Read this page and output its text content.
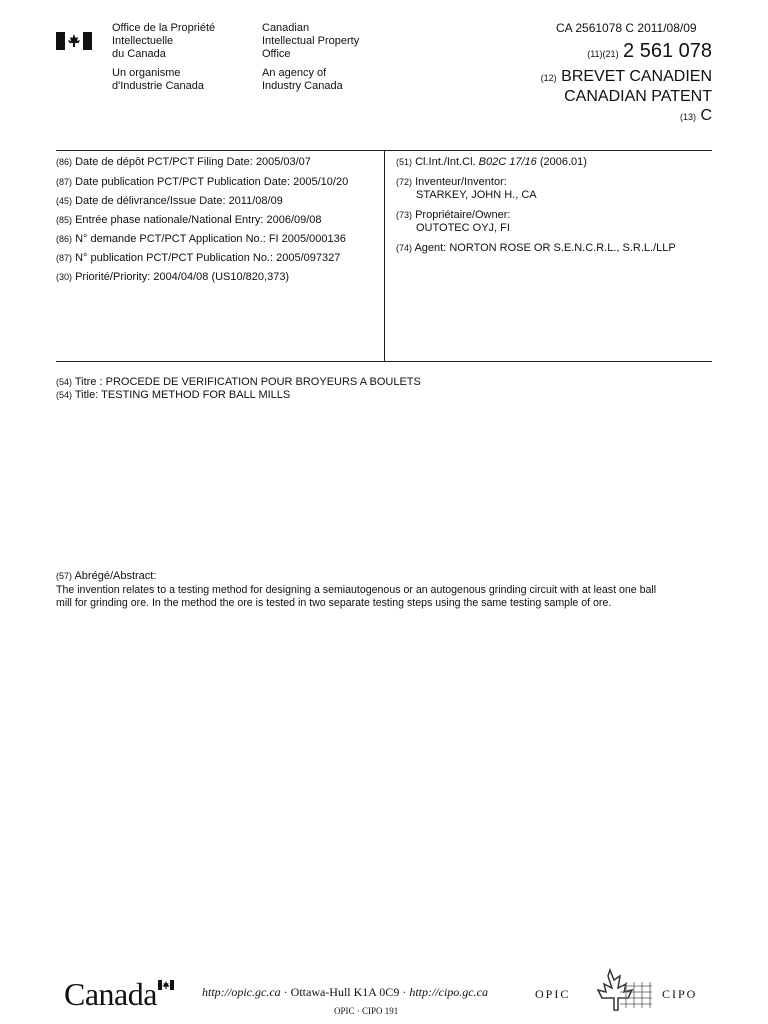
Office de la Propriété
Intellectuelle
du Canada
Un organisme
d'Industrie Canada
Canadian
Intellectual Property
Office
An agency of
Industry Canada
CA 2561078 C 2011/08/09
(11)(21) 2 561 078
(12) BREVET CANADIEN
CANADIAN PATENT
(13) C
(86) Date de dépôt PCT/PCT Filing Date: 2005/03/07
(87) Date publication PCT/PCT Publication Date: 2005/10/20
(45) Date de délivrance/Issue Date: 2011/08/09
(85) Entrée phase nationale/National Entry: 2006/09/08
(86) N° demande PCT/PCT Application No.: FI 2005/000136
(87) N° publication PCT/PCT Publication No.: 2005/097327
(30) Priorité/Priority: 2004/04/08 (US10/820,373)
(51) Cl.Int./Int.Cl. B02C 17/16 (2006.01)
(72) Inventeur/Inventor:
STARKEY, JOHN H., CA
(73) Propriétaire/Owner:
OUTOTEC OYJ, FI
(74) Agent: NORTON ROSE OR S.E.N.C.R.L., S.R.L./LLP
(54) Titre : PROCEDE DE VERIFICATION POUR BROYEURS A BOULETS
(54) Title: TESTING METHOD FOR BALL MILLS
(57) Abrégé/Abstract:
The invention relates to a testing method for designing a semiautogenous or an autogenous grinding circuit with at least one ball
mill for grinding ore. In the method the ore is tested in two separate testing steps using the same testing sample of ore.
Canada	http://opic.gc.ca · Ottawa-Hull K1A 0C9 · http://cipo.gc.ca	OPIC	CIPO
OPIC · CIPO 191
